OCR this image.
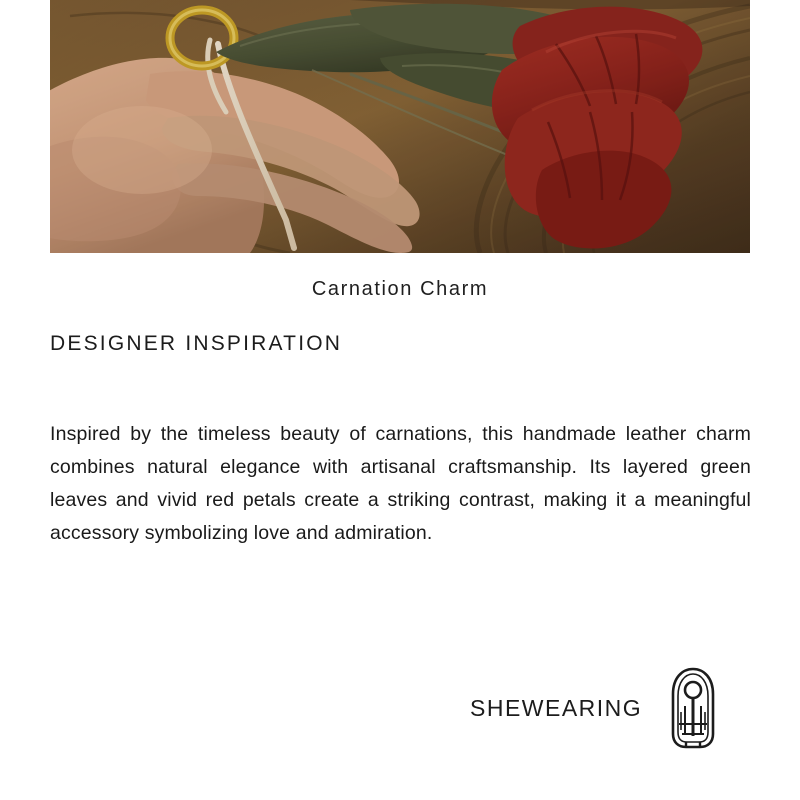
Carnation Charm
DESIGNER INSPIRATION

Inspired by the timeless beauty of carnations, this handmade leather charm combines natural elegance with artisanal craftsmanship. Its layered green leaves and vivid red petals create a striking contrast, making it a meaningful accessory symbolizing love and admiration.

SHEWEARING
